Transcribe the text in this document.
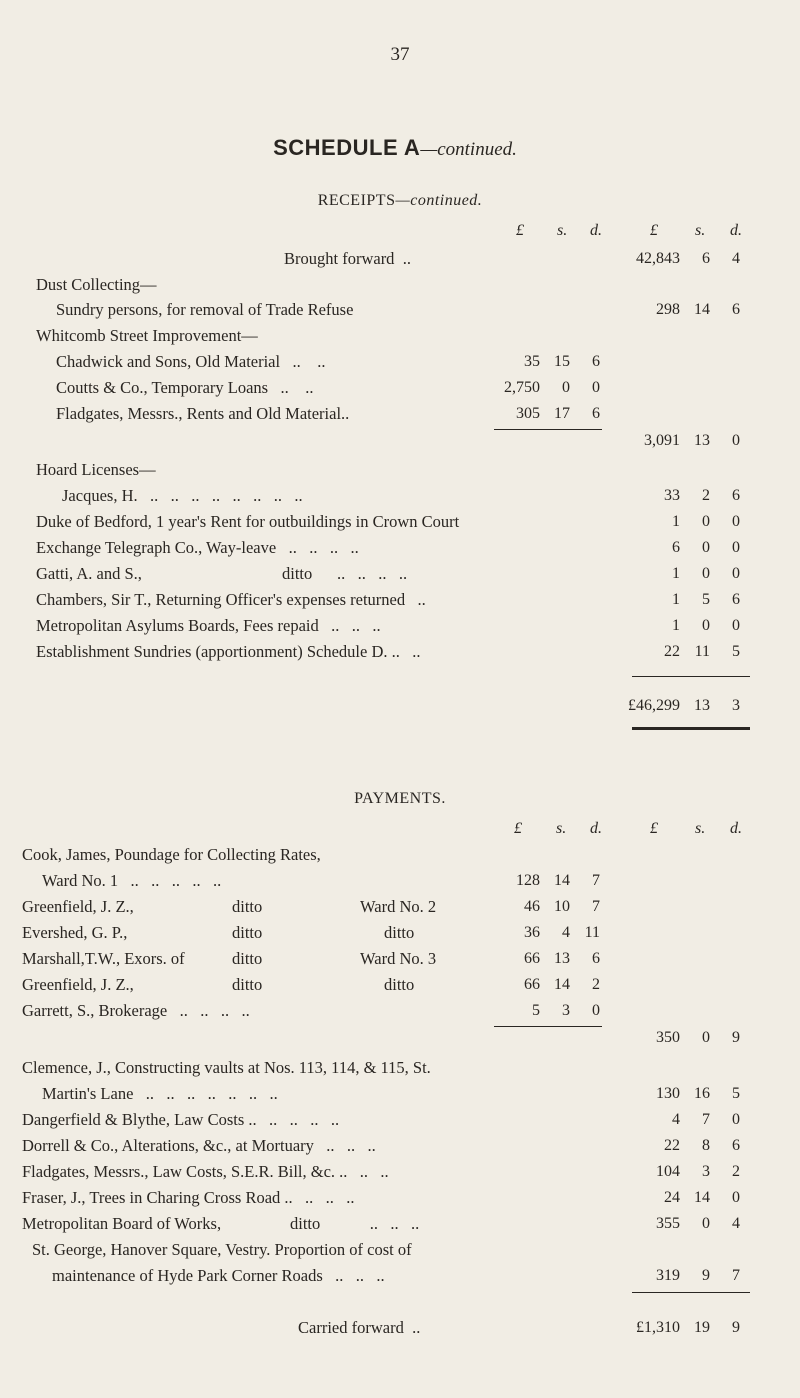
37
SCHEDULE A—continued.
RECEIPTS—continued.
£ s. d.	£ s. d.
Brought forward  ..	42,843	6	4
Dust Collecting—
Sundry persons, for removal of Trade Refuse	298 14	6
Whitcomb Street Improvement—
Chadwick and Sons, Old Material   ..    ..	35 15	6
Coutts & Co., Temporary Loans   ..    ..	2,750	0	0
Fladgates, Messrs., Rents and Old Material..	305 17	6
3,091 13	0
Hoard Licenses—
Jacques, H.   ..   ..   ..   ..   ..   ..   ..   ..	33	2	6
Duke of Bedford, 1 year's Rent for outbuildings in Crown Court	1	0	0
Exchange Telegraph Co., Way-leave   ..   ..   ..   ..	6	0	0
Gatti, A. and S.,	ditto      ..   ..   ..   ..	1	0	0
Chambers, Sir T., Returning Officer's expenses returned   ..	1	5	6
Metropolitan Asylums Boards, Fees repaid   ..   ..   ..	1	0	0
Establishment Sundries (apportionment) Schedule D. ..   ..	22 11	5
£46,299 13	3
PAYMENTS.
£ s. d.	£ s. d.
Cook, James, Poundage for Collecting Rates,
Ward No. 1   ..   ..   ..   ..   ..	128 14	7
Greenfield, J. Z.,	ditto	Ward No. 2	46 10	7
Evershed, G. P.,	ditto	ditto	36	4 11
Marshall,T.W., Exors. of	ditto	Ward No. 3	66 13	6
Greenfield, J. Z.,	ditto	ditto	66 14	2
Garrett, S., Brokerage   ..   ..   ..   ..	5	3	0
350	0	9
Clemence, J., Constructing vaults at Nos. 113, 114, & 115, St.
Martin's Lane   ..   ..   ..   ..   ..   ..   ..	130 16	5
Dangerfield & Blythe, Law Costs ..   ..   ..   ..   ..	4	7	0
Dorrell & Co., Alterations, &c., at Mortuary   ..   ..   ..	22	8	6
Fladgates, Messrs., Law Costs, S.E.R. Bill, &c. ..   ..   ..	104	3	2
Fraser, J., Trees in Charing Cross Road ..   ..   ..   ..	24 14	0
Metropolitan Board of Works,	ditto            ..   ..   ..	355	0	4
St. George, Hanover Square, Vestry. Proportion of cost of
maintenance of Hyde Park Corner Roads   ..   ..   ..	319	9	7
Carried forward  ..	£1,310 19	9
